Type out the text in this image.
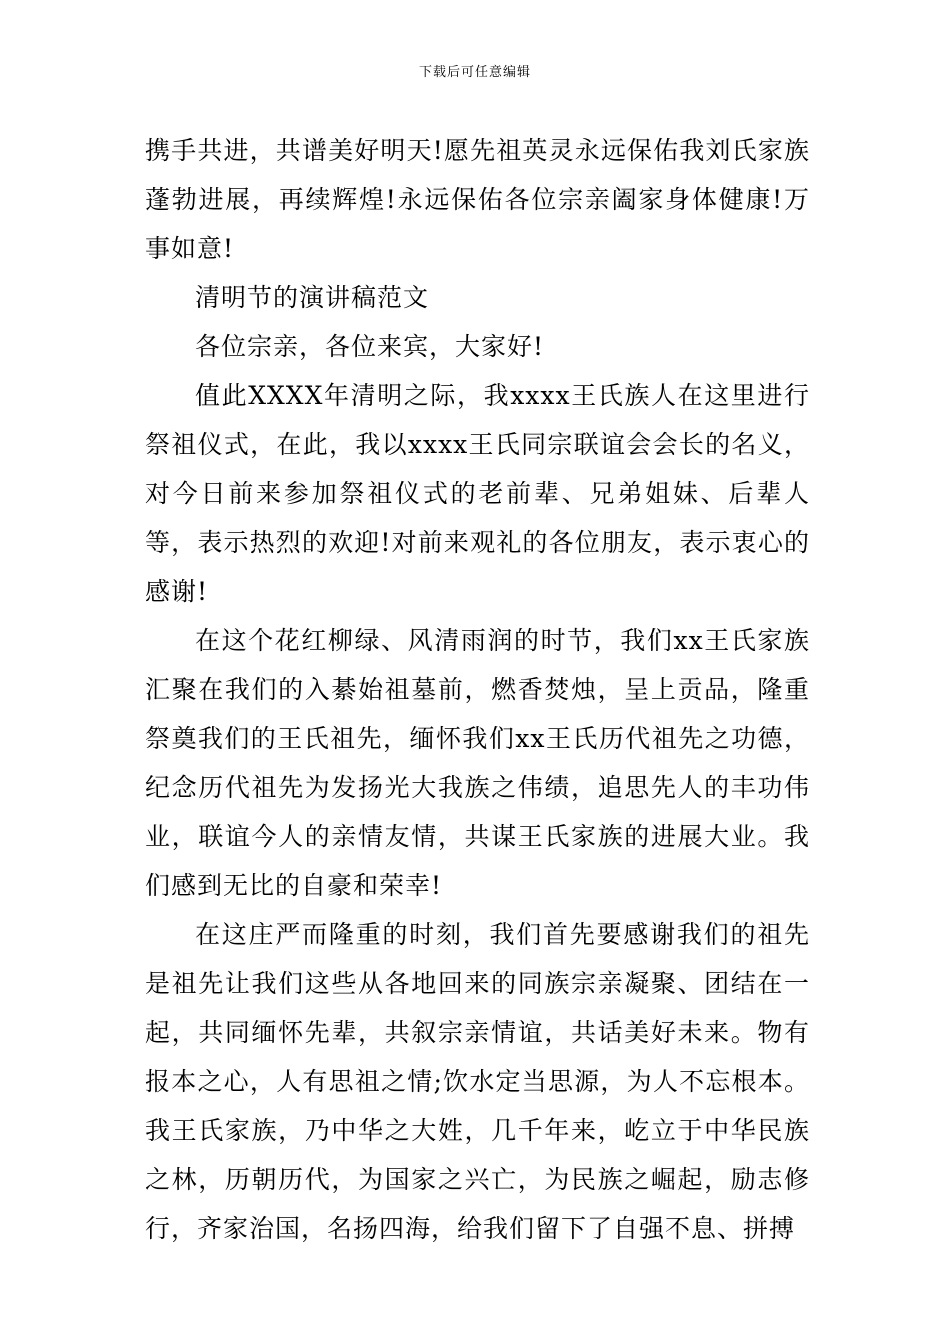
下载后可任意编辑

携手共进，共谱美好明天!愿先祖英灵永远保佑我刘氏家族蓬勃进展，再续辉煌!永远保佑各位宗亲阖家身体健康!万事如意!

清明节的演讲稿范文

各位宗亲，各位来宾，大家好!

值此XXXX年清明之际，我xxxx王氏族人在这里进行祭祖仪式，在此，我以xxxx王氏同宗联谊会会长的名义，对今日前来参加祭祖仪式的老前辈、兄弟姐妹、后辈人等，表示热烈的欢迎!对前来观礼的各位朋友，表示衷心的感谢!

在这个花红柳绿、风清雨润的时节，我们xx王氏家族汇聚在我们的入綦始祖墓前，燃香焚烛，呈上贡品，隆重祭奠我们的王氏祖先，缅怀我们xx王氏历代祖先之功德，纪念历代祖先为发扬光大我族之伟绩，追思先人的丰功伟业，联谊今人的亲情友情，共谋王氏家族的进展大业。我们感到无比的自豪和荣幸!

在这庄严而隆重的时刻，我们首先要感谢我们的祖先是祖先让我们这些从各地回来的同族宗亲凝聚、团结在一起，共同缅怀先辈，共叙宗亲情谊，共话美好未来。物有报本之心，人有思祖之情;饮水定当思源，为人不忘根本。我王氏家族，乃中华之大姓，几千年来，屹立于中华民族之林，历朝历代，为国家之兴亡，为民族之崛起，励志修行，齐家治国，名扬四海，给我们留下了自强不息、拼搏
